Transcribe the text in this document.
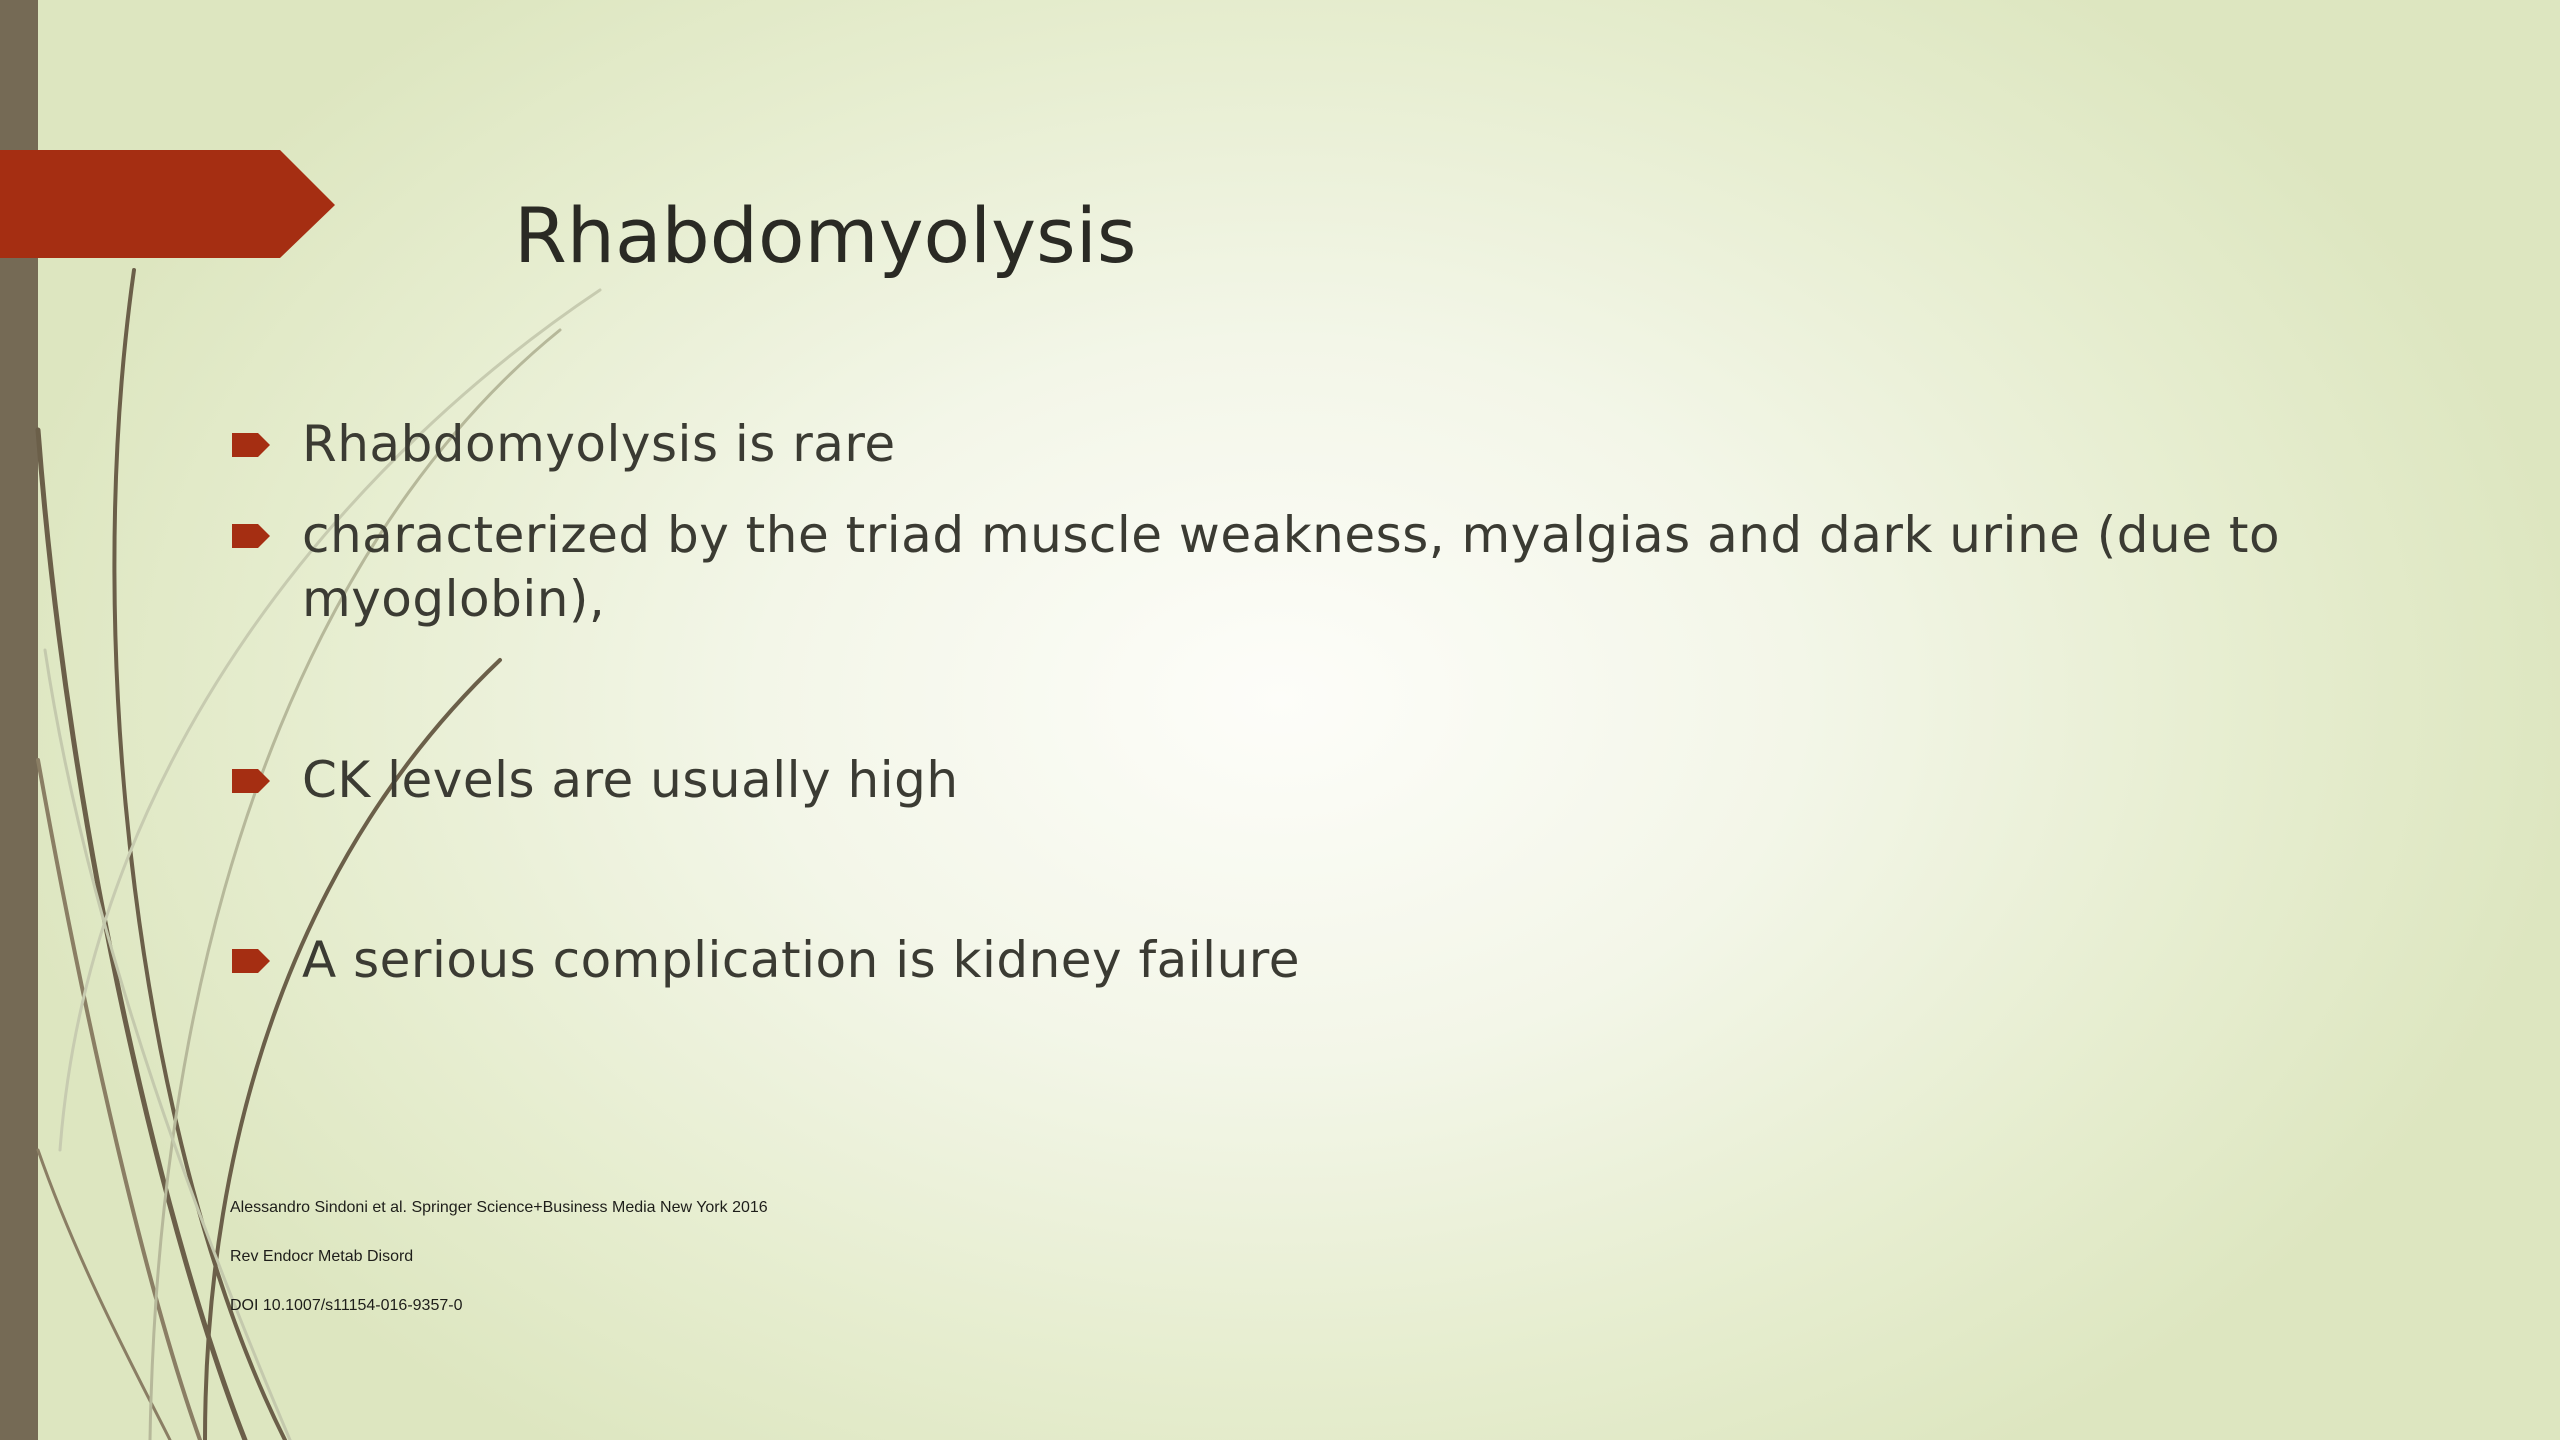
Rhabdomyolysis
Rhabdomyolysis is rare
characterized by the triad muscle weakness, myalgias and dark urine (due to myoglobin),
CK levels are usually high
A serious complication is kidney failure
Alessandro Sindoni et al. Springer Science+Business Media New York 2016
Rev Endocr Metab Disord
DOI 10.1007/s11154-016-9357-0
